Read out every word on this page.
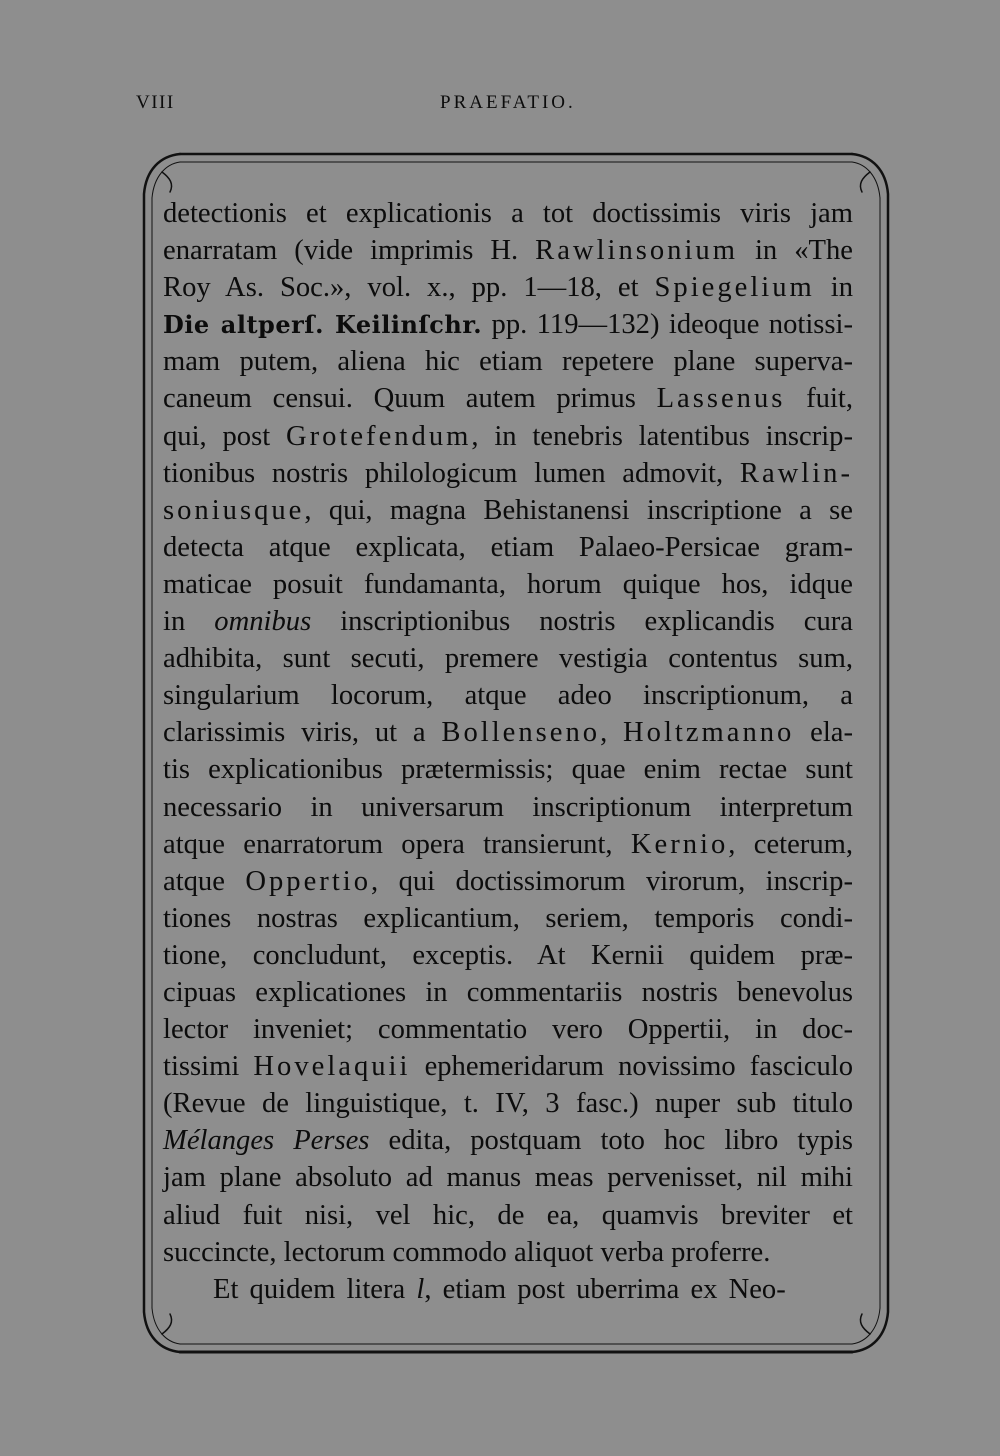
VIII	PRAEFATIO.
detectionis et explicationis a tot doctissimis viris jam
enarratam (vide imprimis H. Rawlinsonium in «The
Roy As. Soc.», vol. x., pp. 1—18, et Spiegelium in
Die altperſ. Keilinſchr. pp. 119—132) ideoque notissi-
mam putem, aliena hic etiam repetere plane superva-
caneum censui. Quum autem primus Lassenus fuit,
qui, post Grotefendum, in tenebris latentibus inscrip-
tionibus nostris philologicum lumen admovit, Rawlin-
soniusque, qui, magna Behistanensi inscriptione a se
detecta atque explicata, etiam Palaeo-Persicae gram-
maticae posuit fundamanta, horum quique hos, idque
in omnibus inscriptionibus nostris explicandis cura
adhibita, sunt secuti, premere vestigia contentus sum,
singularium locorum, atque adeo inscriptionum, a
clarissimis viris, ut a Bollenseno, Holtzmanno ela-
tis explicationibus prætermissis; quae enim rectae sunt
necessario in universarum inscriptionum interpretum
atque enarratorum opera transierunt, Kernio, ceterum,
atque Oppertio, qui doctissimorum virorum, inscrip-
tiones nostras explicantium, seriem, temporis condi-
tione, concludunt, exceptis. At Kernii quidem præ-
cipuas explicationes in commentariis nostris benevolus
lector inveniet; commentatio vero Oppertii, in doc-
tissimi Hovelaquii ephemeridarum novissimo fasciculo
(Revue de linguistique, t. IV, 3 fasc.) nuper sub titulo
Mélanges Perses edita, postquam toto hoc libro typis
jam plane absoluto ad manus meas pervenisset, nil mihi
aliud fuit nisi, vel hic, de ea, quamvis breviter et
succincte, lectorum commodo aliquot verba proferre.
Et quidem litera l, etiam post uberrima ex Neo-
